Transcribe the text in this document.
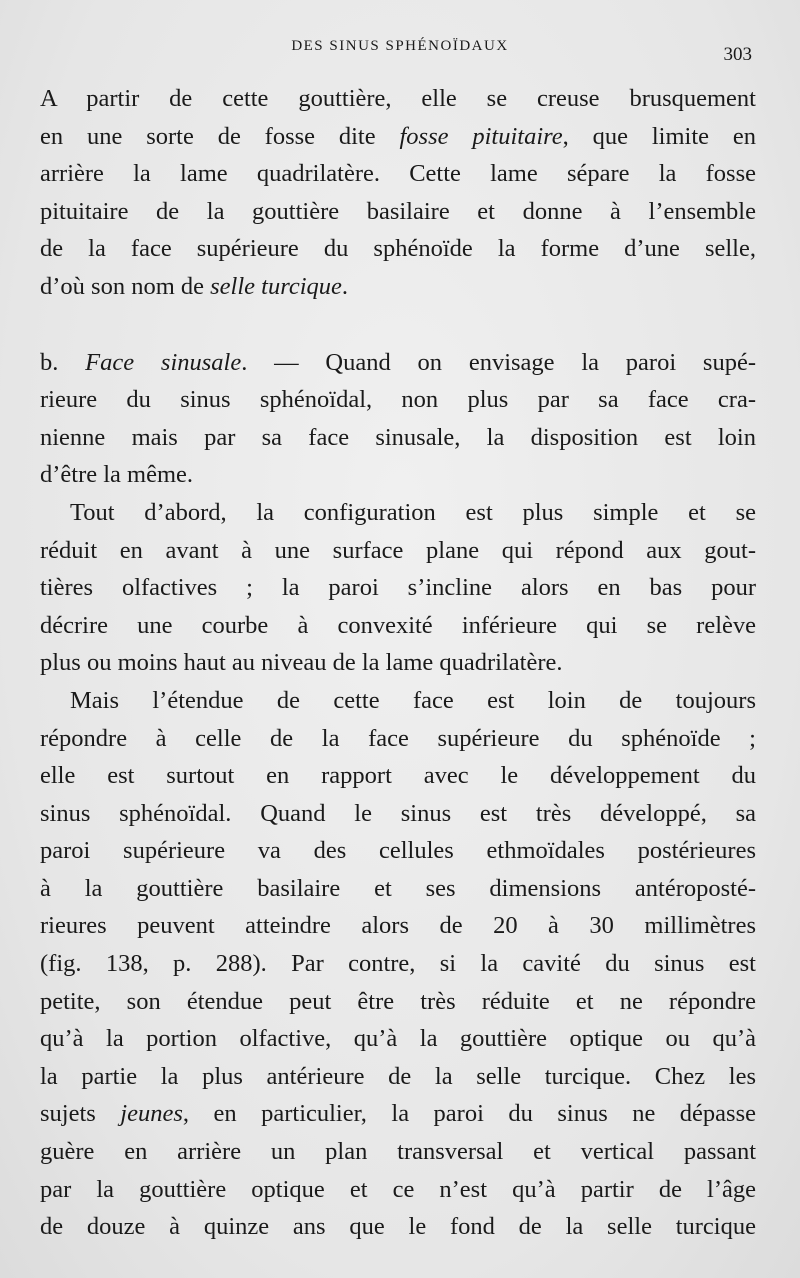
DES SINUS SPHÉNOÏDAUX	303
A partir de cette gouttière, elle se creuse brusquement
en une sorte de fosse dite fosse pituitaire, que limite en
arrière la lame quadrilatère. Cette lame sépare la fosse
pituitaire de la gouttière basilaire et donne à l’ensemble
de la face supérieure du sphénoïde la forme d’une selle,
d’où son nom de selle turcique.
b. Face sinusale. — Quand on envisage la paroi supé-
rieure du sinus sphénoïdal, non plus par sa face cra-
nienne mais par sa face sinusale, la disposition est loin
d’être la même.
Tout d’abord, la configuration est plus simple et se
réduit en avant à une surface plane qui répond aux gout-
tières olfactives ; la paroi s’incline alors en bas pour
décrire une courbe à convexité inférieure qui se relève
plus ou moins haut au niveau de la lame quadrilatère.
Mais l’étendue de cette face est loin de toujours
répondre à celle de la face supérieure du sphénoïde ;
elle est surtout en rapport avec le développement du
sinus sphénoïdal. Quand le sinus est très développé, sa
paroi supérieure va des cellules ethmoïdales postérieures
à la gouttière basilaire et ses dimensions antéroposté-
rieures peuvent atteindre alors de 20 à 30 millimètres
(fig. 138, p. 288). Par contre, si la cavité du sinus est
petite, son étendue peut être très réduite et ne répondre
qu’à la portion olfactive, qu’à la gouttière optique ou qu’à
la partie la plus antérieure de la selle turcique. Chez les
sujets jeunes, en particulier, la paroi du sinus ne dépasse
guère en arrière un plan transversal et vertical passant
par la gouttière optique et ce n’est qu’à partir de l’âge
de douze à quinze ans que le fond de la selle turcique
